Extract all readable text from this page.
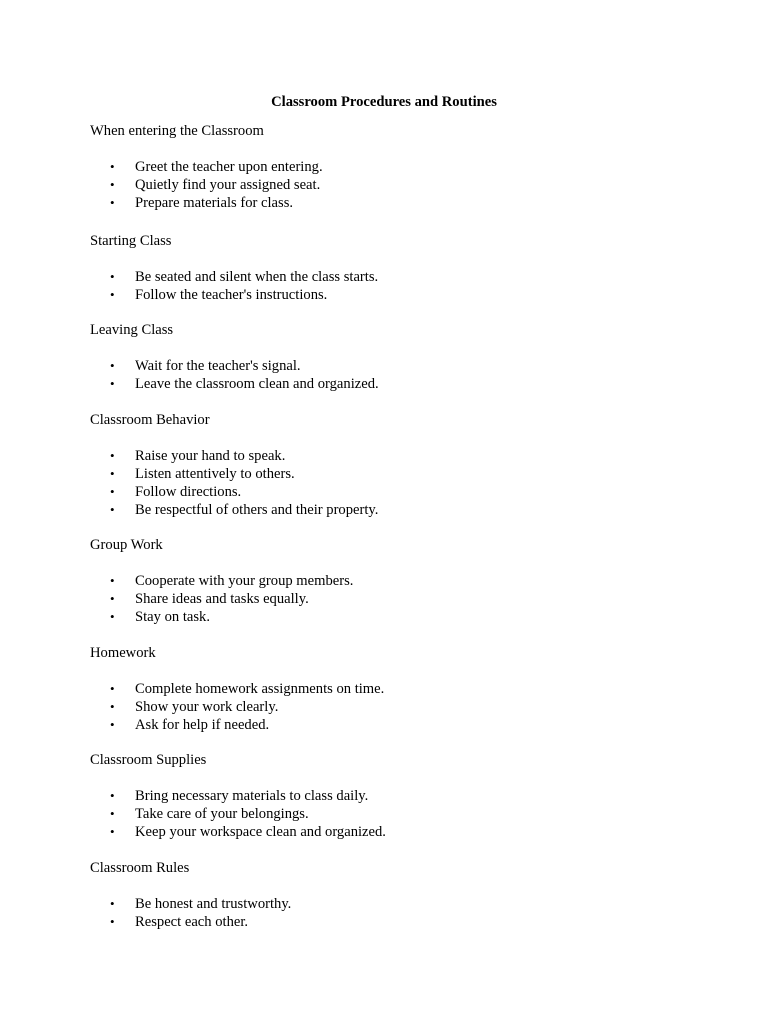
Classroom Procedures and Routines

When entering the Classroom

• Greet the teacher upon entering.
• Quietly find your assigned seat.
• Prepare materials for class.

Starting Class

• Be seated and silent when the class starts.
• Follow the teacher's instructions.

Leaving Class

• Wait for the teacher's signal.
• Leave the classroom clean and organized.

Classroom Behavior

• Raise your hand to speak.
• Listen attentively to others.
• Follow directions.
• Be respectful of others and their property.

Group Work

• Cooperate with your group members.
• Share ideas and tasks equally.
• Stay on task.

Homework

• Complete homework assignments on time.
• Show your work clearly.
• Ask for help if needed.

Classroom Supplies

• Bring necessary materials to class daily.
• Take care of your belongings.
• Keep your workspace clean and organized.

Classroom Rules

• Be honest and trustworthy.
• Respect each other.
